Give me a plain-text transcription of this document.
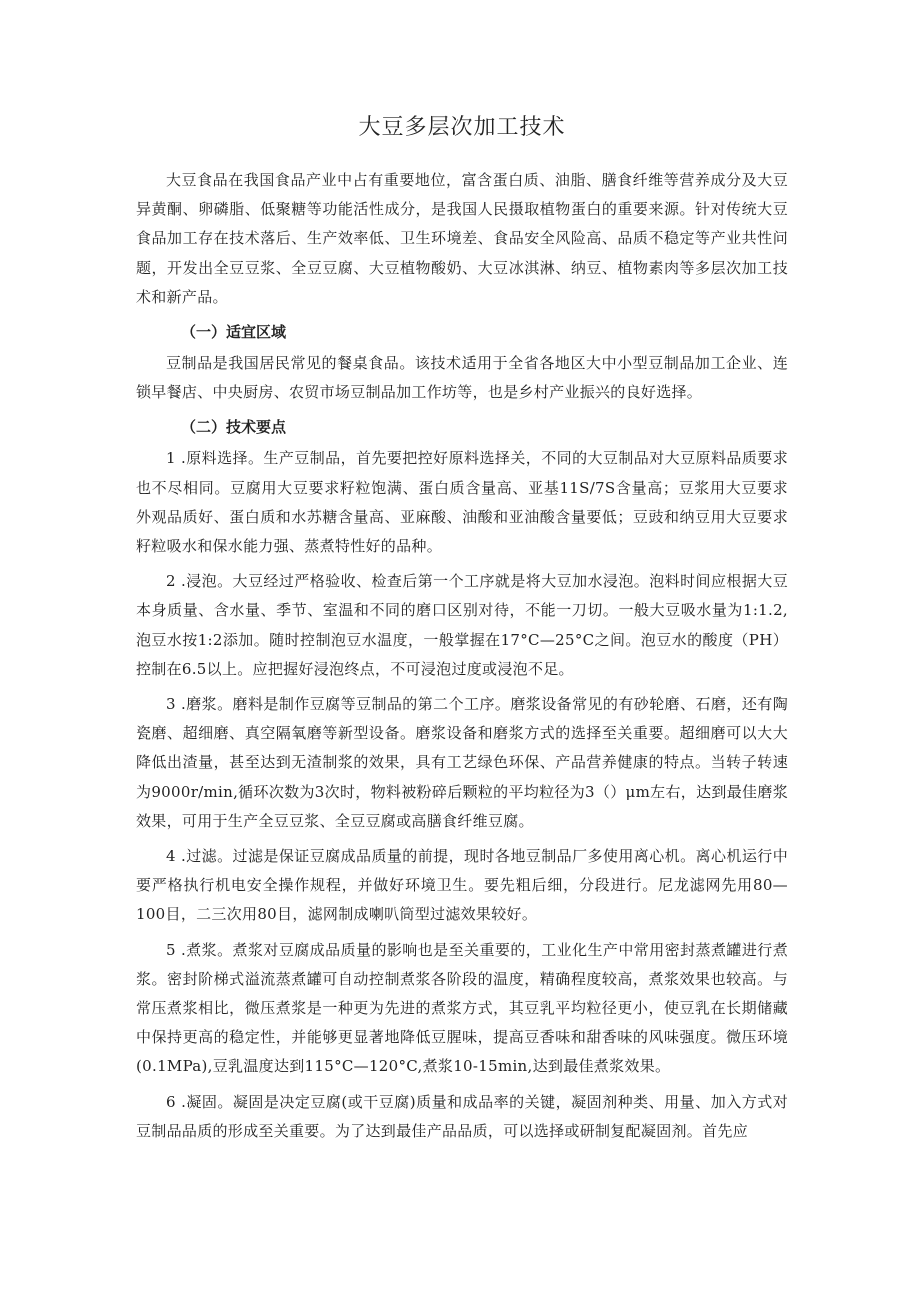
大豆多层次加工技术

大豆食品在我国食品产业中占有重要地位，富含蛋白质、油脂、膳食纤维等营养成分及大豆异黄酮、卵磷脂、低聚糖等功能活性成分，是我国人民摄取植物蛋白的重要来源。针对传统大豆食品加工存在技术落后、生产效率低、卫生环境差、食品安全风险高、品质不稳定等产业共性问题，开发出全豆豆浆、全豆豆腐、大豆植物酸奶、大豆冰淇淋、纳豆、植物素肉等多层次加工技术和新产品。

（一）适宜区域

豆制品是我国居民常见的餐桌食品。该技术适用于全省各地区大中小型豆制品加工企业、连锁早餐店、中央厨房、农贸市场豆制品加工作坊等，也是乡村产业振兴的良好选择。

（二）技术要点

1 .原料选择。生产豆制品，首先要把控好原料选择关，不同的大豆制品对大豆原料品质要求也不尽相同。豆腐用大豆要求籽粒饱满、蛋白质含量高、亚基11S/7S含量高；豆浆用大豆要求外观品质好、蛋白质和水苏糖含量高、亚麻酸、油酸和亚油酸含量要低；豆豉和纳豆用大豆要求籽粒吸水和保水能力强、蒸煮特性好的品种。

2 .浸泡。大豆经过严格验收、检查后第一个工序就是将大豆加水浸泡。泡料时间应根据大豆本身质量、含水量、季节、室温和不同的磨口区别对待，不能一刀切。一般大豆吸水量为1:1.2,泡豆水按1:2添加。随时控制泡豆水温度，一般掌握在17°C—25°C之间。泡豆水的酸度（PH）控制在6.5以上。应把握好浸泡终点，不可浸泡过度或浸泡不足。

3 .磨浆。磨料是制作豆腐等豆制品的第二个工序。磨浆设备常见的有砂轮磨、石磨，还有陶瓷磨、超细磨、真空隔氧磨等新型设备。磨浆设备和磨浆方式的选择至关重要。超细磨可以大大降低出渣量，甚至达到无渣制浆的效果，具有工艺绿色环保、产品营养健康的特点。当转子转速为9000r/min,循环次数为3次时，物料被粉碎后颗粒的平均粒径为3（）μm左右，达到最佳磨浆效果，可用于生产全豆豆浆、全豆豆腐或高膳食纤维豆腐。

4 .过滤。过滤是保证豆腐成品质量的前提，现时各地豆制品厂多使用离心机。离心机运行中要严格执行机电安全操作规程，并做好环境卫生。要先粗后细，分段进行。尼龙滤网先用80—100目，二三次用80目，滤网制成喇叭筒型过滤效果较好。

5 .煮浆。煮浆对豆腐成品质量的影响也是至关重要的，工业化生产中常用密封蒸煮罐进行煮浆。密封阶梯式溢流蒸煮罐可自动控制煮浆各阶段的温度，精确程度较高，煮浆效果也较高。与常压煮浆相比，微压煮浆是一种更为先进的煮浆方式，其豆乳平均粒径更小，使豆乳在长期储藏中保持更高的稳定性，并能够更显著地降低豆腥味，提高豆香味和甜香味的风味强度。微压环境(0.1MPa),豆乳温度达到115°C—120°C,煮浆10-15min,达到最佳煮浆效果。

6 .凝固。凝固是决定豆腐(或干豆腐)质量和成品率的关键，凝固剂种类、用量、加入方式对豆制品品质的形成至关重要。为了达到最佳产品品质，可以选择或研制复配凝固剂。首先应
